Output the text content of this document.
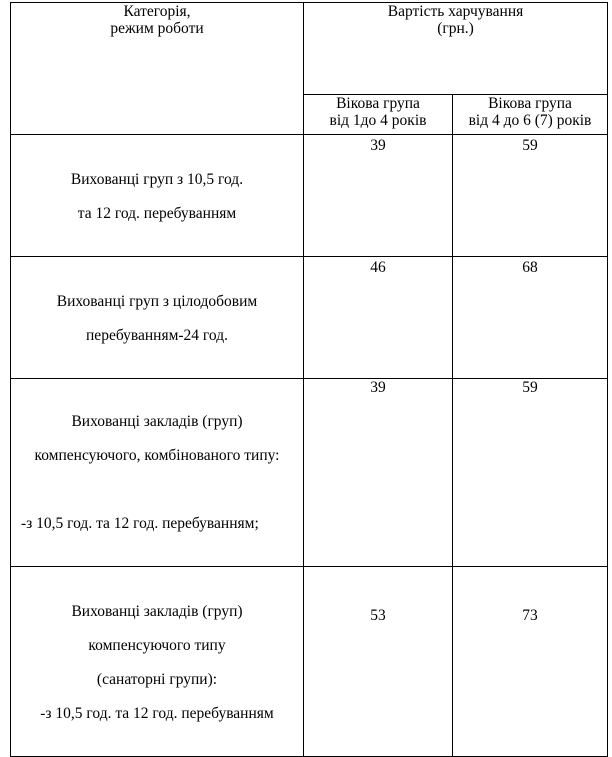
Категорія,
режим роботи	Вартість харчування
(грн.)	

	Вікова група
від 1до 4 років	Вікова група
від 4 до 6 (7) років

Вихованці груп з 10,5 год.

та 12 год. перебуванням	39	59

Вихованці груп з цілодобовим

перебуванням-24 год.	46	68

Вихованці закладів (груп)

компенсуючого, комбінованого типу:

-з 10,5 год. та 12 год. перебуванням;	39	59

Вихованці закладів (груп)

компенсуючого типу

(санаторні групи):

-з 10,5 год. та 12 год. перебуванням	53	73
